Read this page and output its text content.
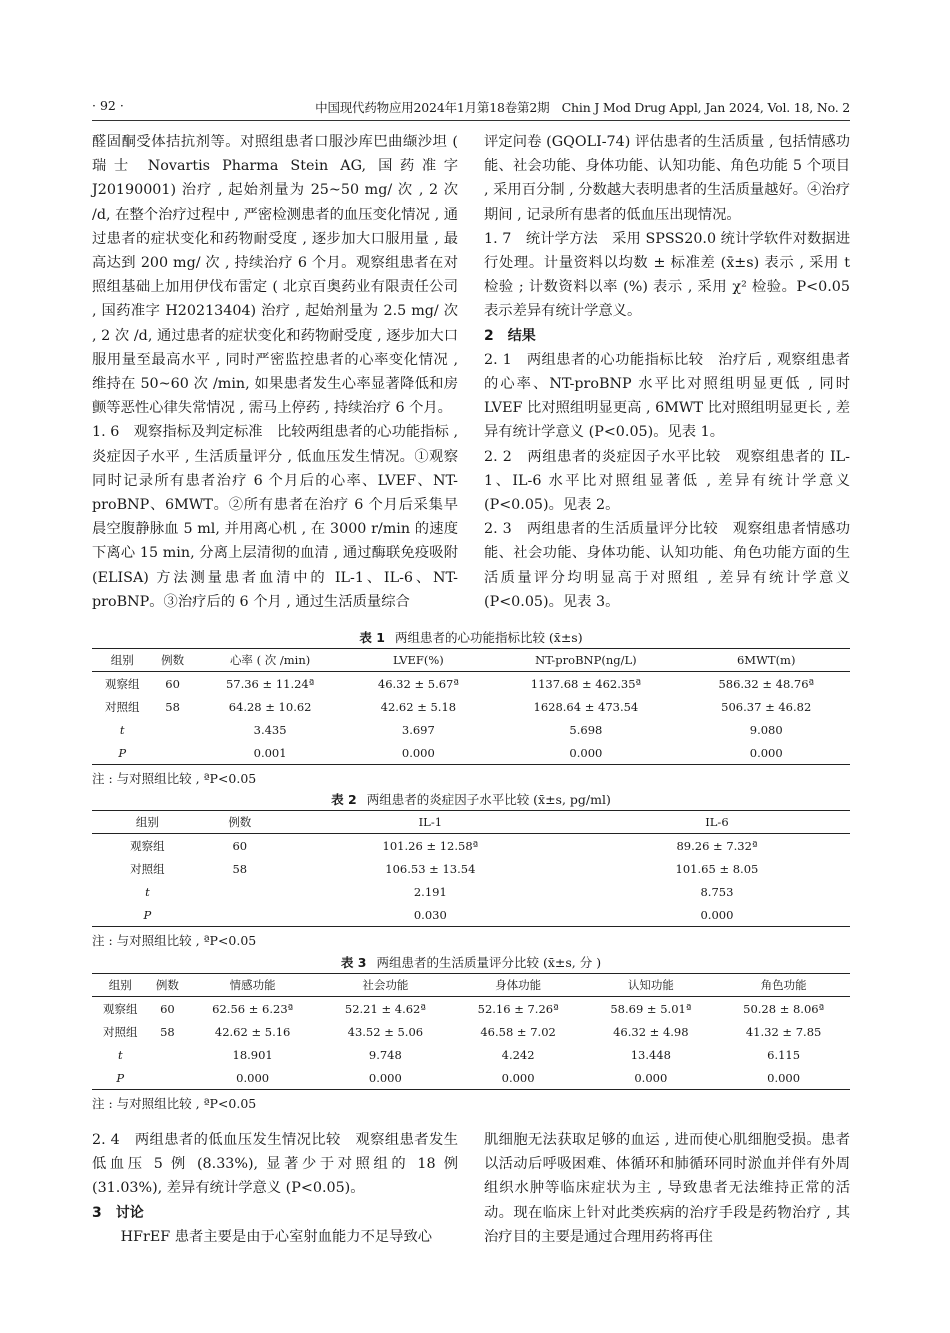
· 92 ·	中国现代药物应用2024年1月第18卷第2期　Chin J Mod Drug Appl, Jan 2024, Vol. 18, No. 2

醛固酮受体拮抗剂等。对照组患者口服沙库巴曲缬沙坦 ( 瑞士 Novartis Pharma Stein AG, 国药准字 J20190001) 治疗 , 起始剂量为 25~50 mg/ 次 , 2 次 /d, 在整个治疗过程中 , 严密检测患者的血压变化情况 , 通过患者的症状变化和药物耐受度 , 逐步加大口服用量 , 最高达到 200 mg/ 次 , 持续治疗 6 个月。观察组患者在对照组基础上加用伊伐布雷定 ( 北京百奥药业有限责任公司 , 国药准字 H20213404) 治疗 , 起始剂量为 2.5 mg/ 次 , 2 次 /d, 通过患者的症状变化和药物耐受度 , 逐步加大口服用量至最高水平 , 同时严密监控患者的心率变化情况 , 维持在 50~60 次 /min, 如果患者发生心率显著降低和房颤等恶性心律失常情况 , 需马上停药 , 持续治疗 6 个月。

1. 6　观察指标及判定标准　比较两组患者的心功能指标 , 炎症因子水平 , 生活质量评分 , 低血压发生情况。①观察同时记录所有患者治疗 6 个月后的心率、LVEF、NT-proBNP、6MWT。②所有患者在治疗 6 个月后采集早晨空腹静脉血 5 ml, 并用离心机 , 在 3000 r/min 的速度下离心 15 min, 分离上层清彻的血清 , 通过酶联免疫吸附 (ELISA) 方法测量患者血清中的 IL-1、IL-6、NT-proBNP。③治疗后的 6 个月 , 通过生活质量综合

评定问卷 (GQOLI-74) 评估患者的生活质量 , 包括情感功能、社会功能、身体功能、认知功能、角色功能 5 个项目 , 采用百分制 , 分数越大表明患者的生活质量越好。④治疗期间 , 记录所有患者的低血压出现情况。

1. 7　统计学方法　采用 SPSS20.0 统计学软件对数据进行处理。计量资料以均数 ± 标准差 (x̄±s) 表示 , 采用 t 检验 ; 计数资料以率 (%) 表示 , 采用 χ² 检验。P<0.05 表示差异有统计学意义。

2　结果

2. 1　两组患者的心功能指标比较　治疗后 , 观察组患者的心率、NT-proBNP 水平比对照组明显更低 , 同时 LVEF 比对照组明显更高 , 6MWT 比对照组明显更长 , 差异有统计学意义 (P<0.05)。见表 1。

2. 2　两组患者的炎症因子水平比较　观察组患者的 IL-1、IL-6 水平比对照组显著低 , 差异有统计学意义 (P<0.05)。见表 2。

2. 3　两组患者的生活质量评分比较　观察组患者情感功能、社会功能、身体功能、认知功能、角色功能方面的生活质量评分均明显高于对照组 , 差异有统计学意义 (P<0.05)。见表 3。

表 1 两组患者的心功能指标比较 (x̄±s)
组别	例数	心率 ( 次 /min)	LVEF(%)	NT-proBNP(ng/L)	6MWT(m)
观察组	60	57.36 ± 11.24ª	46.32 ± 5.67ª	1137.68 ± 462.35ª	586.32 ± 48.76ª
对照组	58	64.28 ± 10.62	42.62 ± 5.18	1628.64 ± 473.54	506.37 ± 46.82
t		3.435	3.697	5.698	9.080
P		0.001	0.000	0.000	0.000
注 : 与对照组比较 , ªP<0.05
表 2 两组患者的炎症因子水平比较 (x̄±s, pg/ml)
组别	例数	IL-1	IL-6
观察组	60	101.26 ± 12.58ª	89.26 ± 7.32ª
对照组	58	106.53 ± 13.54	101.65 ± 8.05
t		2.191	8.753
P		0.030	0.000
注 : 与对照组比较 , ªP<0.05
表 3 两组患者的生活质量评分比较 (x̄±s, 分 )
组别	例数	情感功能	社会功能	身体功能	认知功能	角色功能
观察组	60	62.56 ± 6.23ª	52.21 ± 4.62ª	52.16 ± 7.26ª	58.69 ± 5.01ª	50.28 ± 8.06ª
对照组	58	42.62 ± 5.16	43.52 ± 5.06	46.58 ± 7.02	46.32 ± 4.98	41.32 ± 7.85
t		18.901	9.748	4.242	13.448	6.115
P		0.000	0.000	0.000	0.000	0.000
注 : 与对照组比较 , ªP<0.05

2. 4　两组患者的低血压发生情况比较　观察组患者发生低血压 5 例 (8.33%), 显著少于对照组的 18 例 (31.03%), 差异有统计学意义 (P<0.05)。

3　讨论

HFrEF 患者主要是由于心室射血能力不足导致心

肌细胞无法获取足够的血运 , 进而使心肌细胞受损。患者以活动后呼吸困难、体循环和肺循环同时淤血并伴有外周组织水肿等临床症状为主 , 导致患者无法维持正常的活动。现在临床上针对此类疾病的治疗手段是药物治疗 , 其治疗目的主要是通过合理用药将再住
